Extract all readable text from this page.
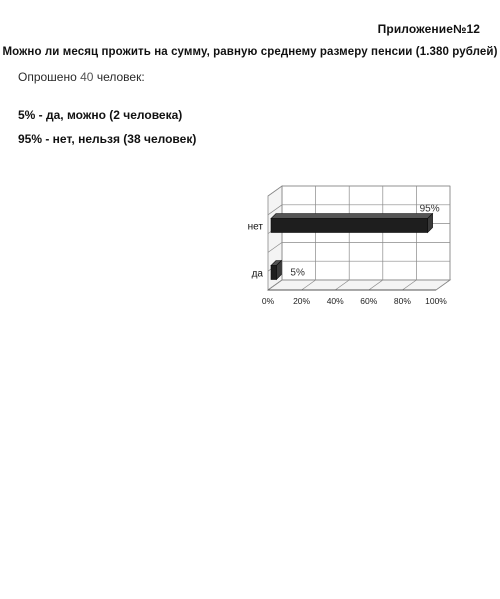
Приложение№12
Можно ли месяц прожить на сумму, равную среднему размеру пенсии (1.380 рублей)
Опрошено 40 человек:
5% - да, можно (2 человека)
95% - нет, нельзя (38 человек)
да	5%
нет
95%
0% 20% 40% 60% 80% 100%
